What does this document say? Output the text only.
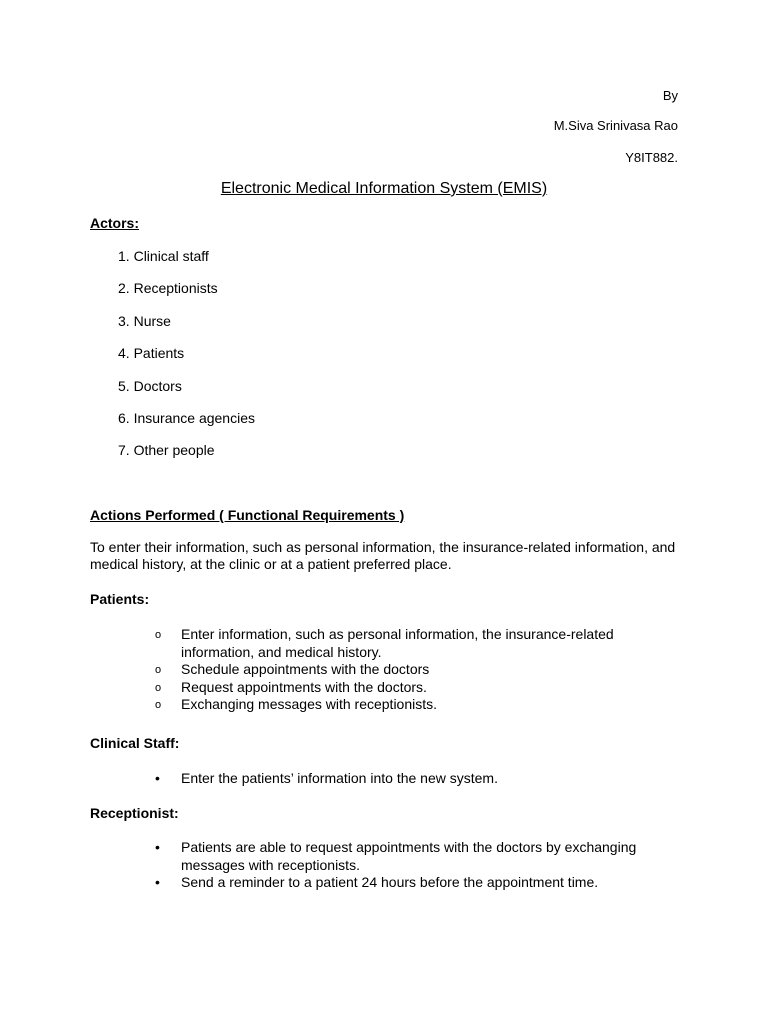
By
M.Siva Srinivasa Rao
Y8IT882.
Electronic Medical Information System (EMIS)
Actors:
1. Clinical staff
2. Receptionists
3. Nurse
4. Patients
5. Doctors
6. Insurance agencies
7. Other people
Actions Performed ( Functional Requirements )
To enter their information, such as personal information, the insurance-related information, and medical history, at the clinic or at a patient preferred place.
Patients:
o	Enter information, such as personal information, the insurance-related information, and medical history.
o	Schedule appointments with the doctors
o	Request appointments with the doctors.
o	Exchanging messages with receptionists.
Clinical Staff:
•	Enter the patients’ information into the new system.
Receptionist:
•	Patients are able to request appointments with the doctors by exchanging messages with receptionists.
•	Send a reminder to a patient 24 hours before the appointment time.
